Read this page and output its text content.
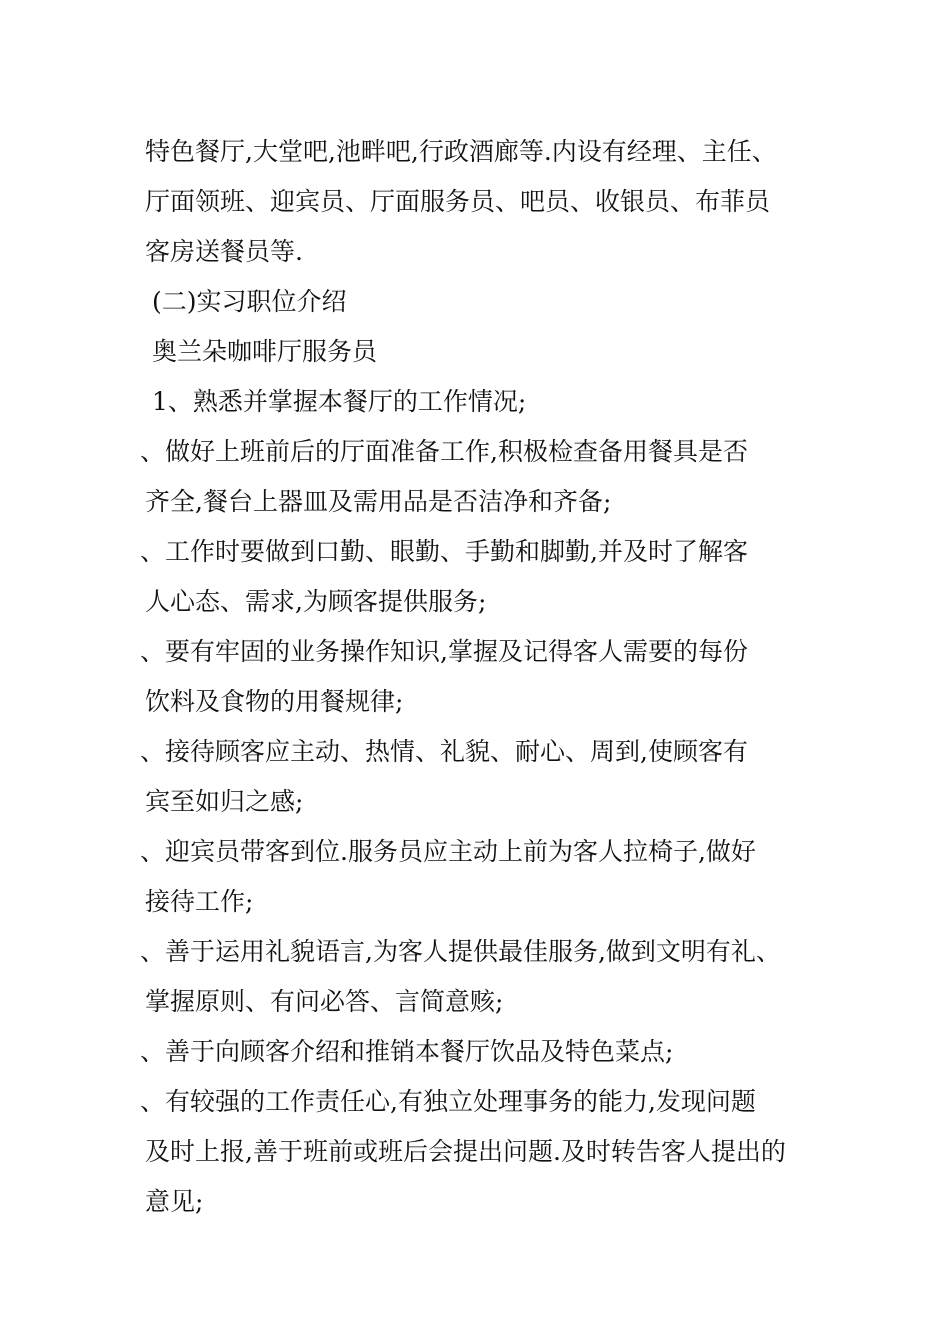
特色餐厅,大堂吧,池畔吧,行政酒廊等.内设有经理、主任、
厅面领班、迎宾员、厅面服务员、吧员、收银员、布菲员
客房送餐员等.
(二)实习职位介绍
奥兰朵咖啡厅服务员
1、熟悉并掌握本餐厅的工作情况;
、做好上班前后的厅面准备工作,积极检查备用餐具是否
齐全,餐台上器皿及需用品是否洁净和齐备;
、工作时要做到口勤、眼勤、手勤和脚勤,并及时了解客
人心态、需求,为顾客提供服务;
、要有牢固的业务操作知识,掌握及记得客人需要的每份
饮料及食物的用餐规律;
、接待顾客应主动、热情、礼貌、耐心、周到,使顾客有
宾至如归之感;
、迎宾员带客到位.服务员应主动上前为客人拉椅子,做好
接待工作;
、善于运用礼貌语言,为客人提供最佳服务,做到文明有礼、
掌握原则、有问必答、言简意赅;
、善于向顾客介绍和推销本餐厅饮品及特色菜点;
、有较强的工作责任心,有独立处理事务的能力,发现问题
及时上报,善于班前或班后会提出问题.及时转告客人提出的
意见;
